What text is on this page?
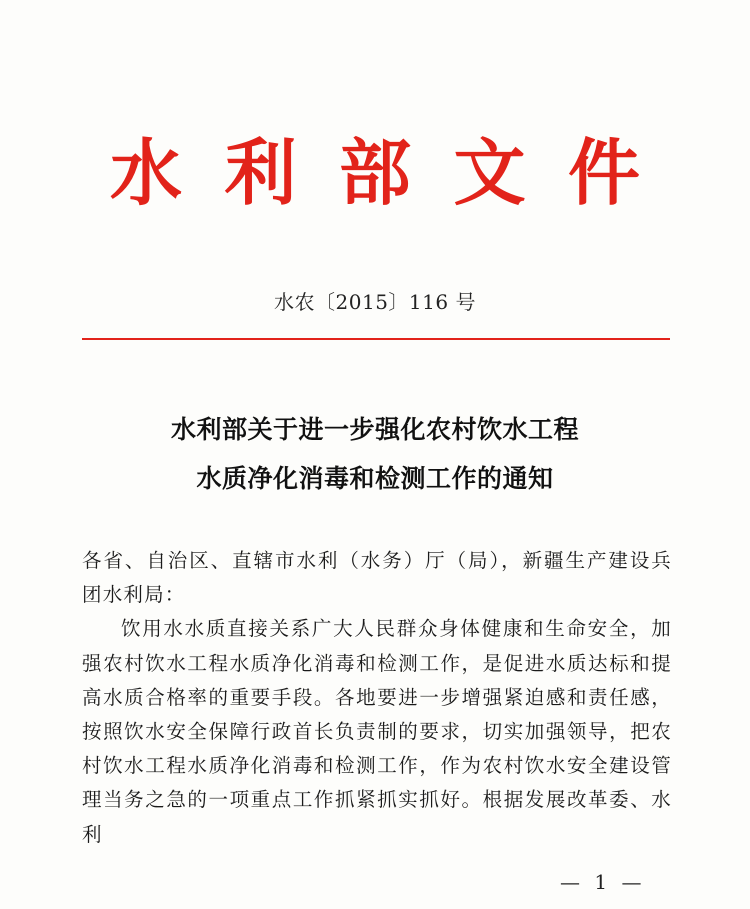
水 利 部 文 件
水农〔2015〕116 号
水利部关于进一步强化农村饮水工程
水质净化消毒和检测工作的通知

各省、自治区、直辖市水利（水务）厅（局），新疆生产建设兵团水利局：

饮用水水质直接关系广大人民群众身体健康和生命安全，加强农村饮水工程水质净化消毒和检测工作，是促进水质达标和提高水质合格率的重要手段。各地要进一步增强紧迫感和责任感，按照饮水安全保障行政首长负责制的要求，切实加强领导，把农村饮水工程水质净化消毒和检测工作，作为农村饮水安全建设管理当务之急的一项重点工作抓紧抓实抓好。根据发展改革委、水利

— 1 —
